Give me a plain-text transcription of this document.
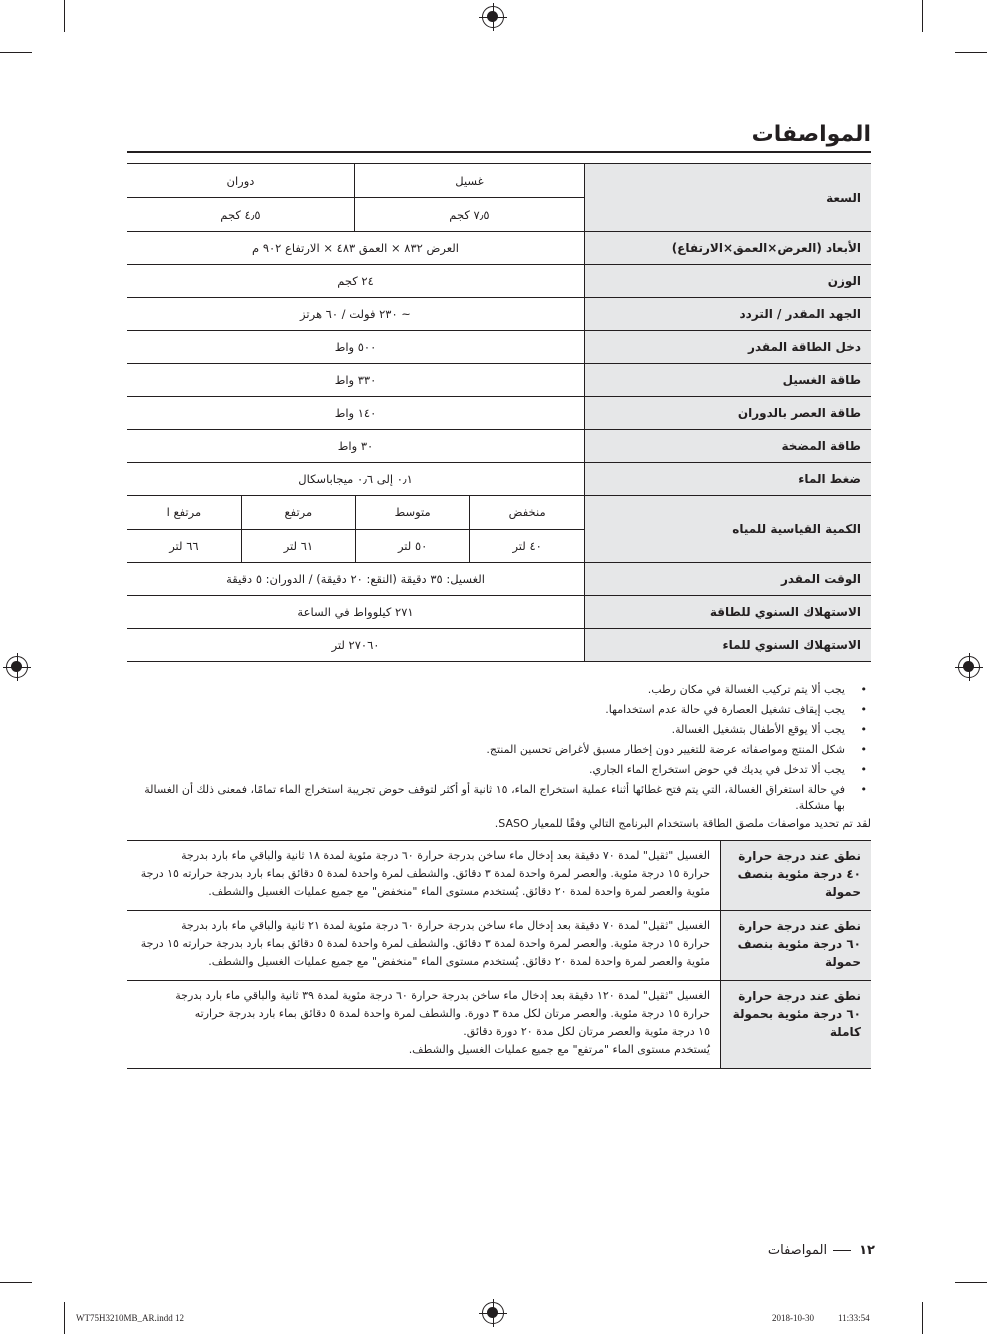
المواصفات
السعة	غسيل	دوران
٧٫٥ كجم	٤٫٥ كجم
الأبعاد (العرض×العمق×الارتفاع)	العرض ٨٣٢ × العمق ٤٨٣ × الارتفاع ٩٠٢ م
الوزن	٢٤ كجم
الجهد المقدر / التردد	~ ٢٣٠ فولت / ٦٠ هرتز
دخل الطاقة المقدر	٥٠٠ واط
طاقة الغسيل	٣٣٠ واط
طاقة العصر بالدوران	١٤٠ واط
طاقة المضخة	٣٠ واط
ضغط الماء	٠٫١ إلى ٠٫٦ ميجاباسكال
الكمية القياسية للمياه	
منخفض	متوسط	مرتفع	مرتفع ا
٤٠ لتر	٥٠ لتر	٦١ لتر	٦٦ لتر

الوقت المقدر	الغسيل: ٣٥ دقيقة (النقع: ٢٠ دقيقة) / الدوران: ٥ دقيقة
الاستهلاك السنوي للطاقة	٢٧١ كيلوواط في الساعة
الاستهلاك السنوي للماء	٢٧٠٦٠ لتر
• يجب ألا يتم تركيب الغسالة في مكان رطب.
• يجب إيقاف تشغيل العصارة في حالة عدم استخدامها.
• يجب ألا يوقع الأطفال بتشغيل الغسالة.
• شكل المنتج ومواصفاته عرضة للتغيير دون إخطار مسبق لأغراض تحسين المنتج.
• يجب ألا تدخل في يديك في حوض استخراج الماء الجاري.
• في حالة استغراق الغسالة، التي يتم فتح غطائها أثناء عملية استخراج الماء، ١٥ ثانية أو أكثر لتوقف حوض تجريبة استخراج الماء تمامًا، فمعنى ذلك أن الغسالة بها مشكلة.
لقد تم تحديد مواصفات ملصق الطاقة باستخدام البرنامج التالي وفقًا للمعيار SASO.
نطق عند درجة حرارة ٤٠ درجة مئوية بنصف حمولة	الغسيل "ثقيل" لمدة ٧٠ دقيقة بعد إدخال ماء ساخن بدرجة حرارة ٦٠ درجة مئوية لمدة ١٨ ثانية والباقي ماء بارد بدرجة
حرارة ١٥ درجة مئوية. والعصر لمرة واحدة لمدة ٣ دقائق. والشطف لمرة واحدة لمدة ٥ دقائق بماء بارد بدرجة حرارته ١٥ درجة
مئوية والعصر لمرة واحدة لمدة ٢٠ دقائق. يُستخدم مستوى الماء "منخفض" مع جميع عمليات الغسيل والشطف.

نطق عند درجة حرارة ٦٠ درجة مئوية بنصف حمولة	الغسيل "ثقيل" لمدة ٧٠ دقيقة بعد إدخال ماء ساخن بدرجة حرارة ٦٠ درجة مئوية لمدة ٢١ ثانية والباقي ماء بارد بدرجة
حرارة ١٥ درجة مئوية. والعصر لمرة واحدة لمدة ٣ دقائق. والشطف لمرة واحدة لمدة ٥ دقائق بماء بارد بدرجة حرارته ١٥ درجة
مئوية والعصر لمرة واحدة لمدة ٢٠ دقائق. يُستخدم مستوى الماء "منخفض" مع جميع عمليات الغسيل والشطف.

نطق عند درجة حرارة ٦٠ درجة مئوية بحمولة كاملة	الغسيل "ثقيل" لمدة ١٢٠ دقيقة بعد إدخال ماء ساخن بدرجة حرارة ٦٠ درجة مئوية لمدة ٣٩ ثانية والباقي ماء بارد بدرجة
حرارة ١٥ درجة مئوية. والعصر مرتان لكل مدة ٣ دورة. والشطف لمرة واحدة لمدة ٥ دقائق بماء بارد بدرجة حرارته
١٥ درجة مئوية والعصر مرتان لكل مدة ٢٠ دورة دقائق.
يُستخدم مستوى الماء "مرتفع" مع جميع عمليات الغسيل والشطف.
١٢المواصفات
WT75H3210MB_AR.indd 12	2018-10-30	11:33:54
